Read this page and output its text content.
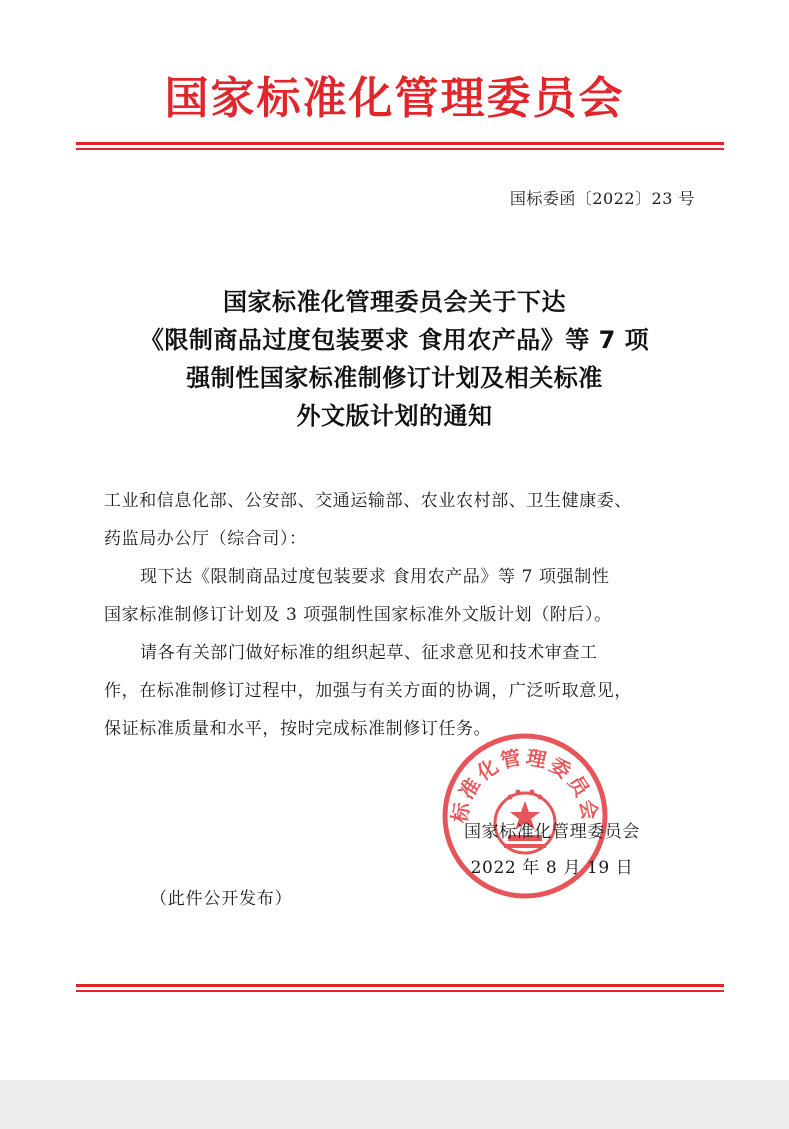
国家标准化管理委员会
国标委函〔2022〕23 号
国家标准化管理委员会关于下达
《限制商品过度包装要求 食用农产品》等 7 项
强制性国家标准制修订计划及相关标准
外文版计划的通知

工业和信息化部、公安部、交通运输部、农业农村部、卫生健康委、

药监局办公厅（综合司）：

现下达《限制商品过度包装要求 食用农产品》等 7 项强制性

国家标准制修订计划及 3 项强制性国家标准外文版计划（附后）。

请各有关部门做好标准的组织起草、征求意见和技术审查工

作，在标准制修订过程中，加强与有关方面的协调，广泛听取意见，

保证标准质量和水平，按时完成标准制修订任务。

标准化管理委员会
国家标准化管理委员会
2022 年 8 月 19 日
（此件公开发布）
